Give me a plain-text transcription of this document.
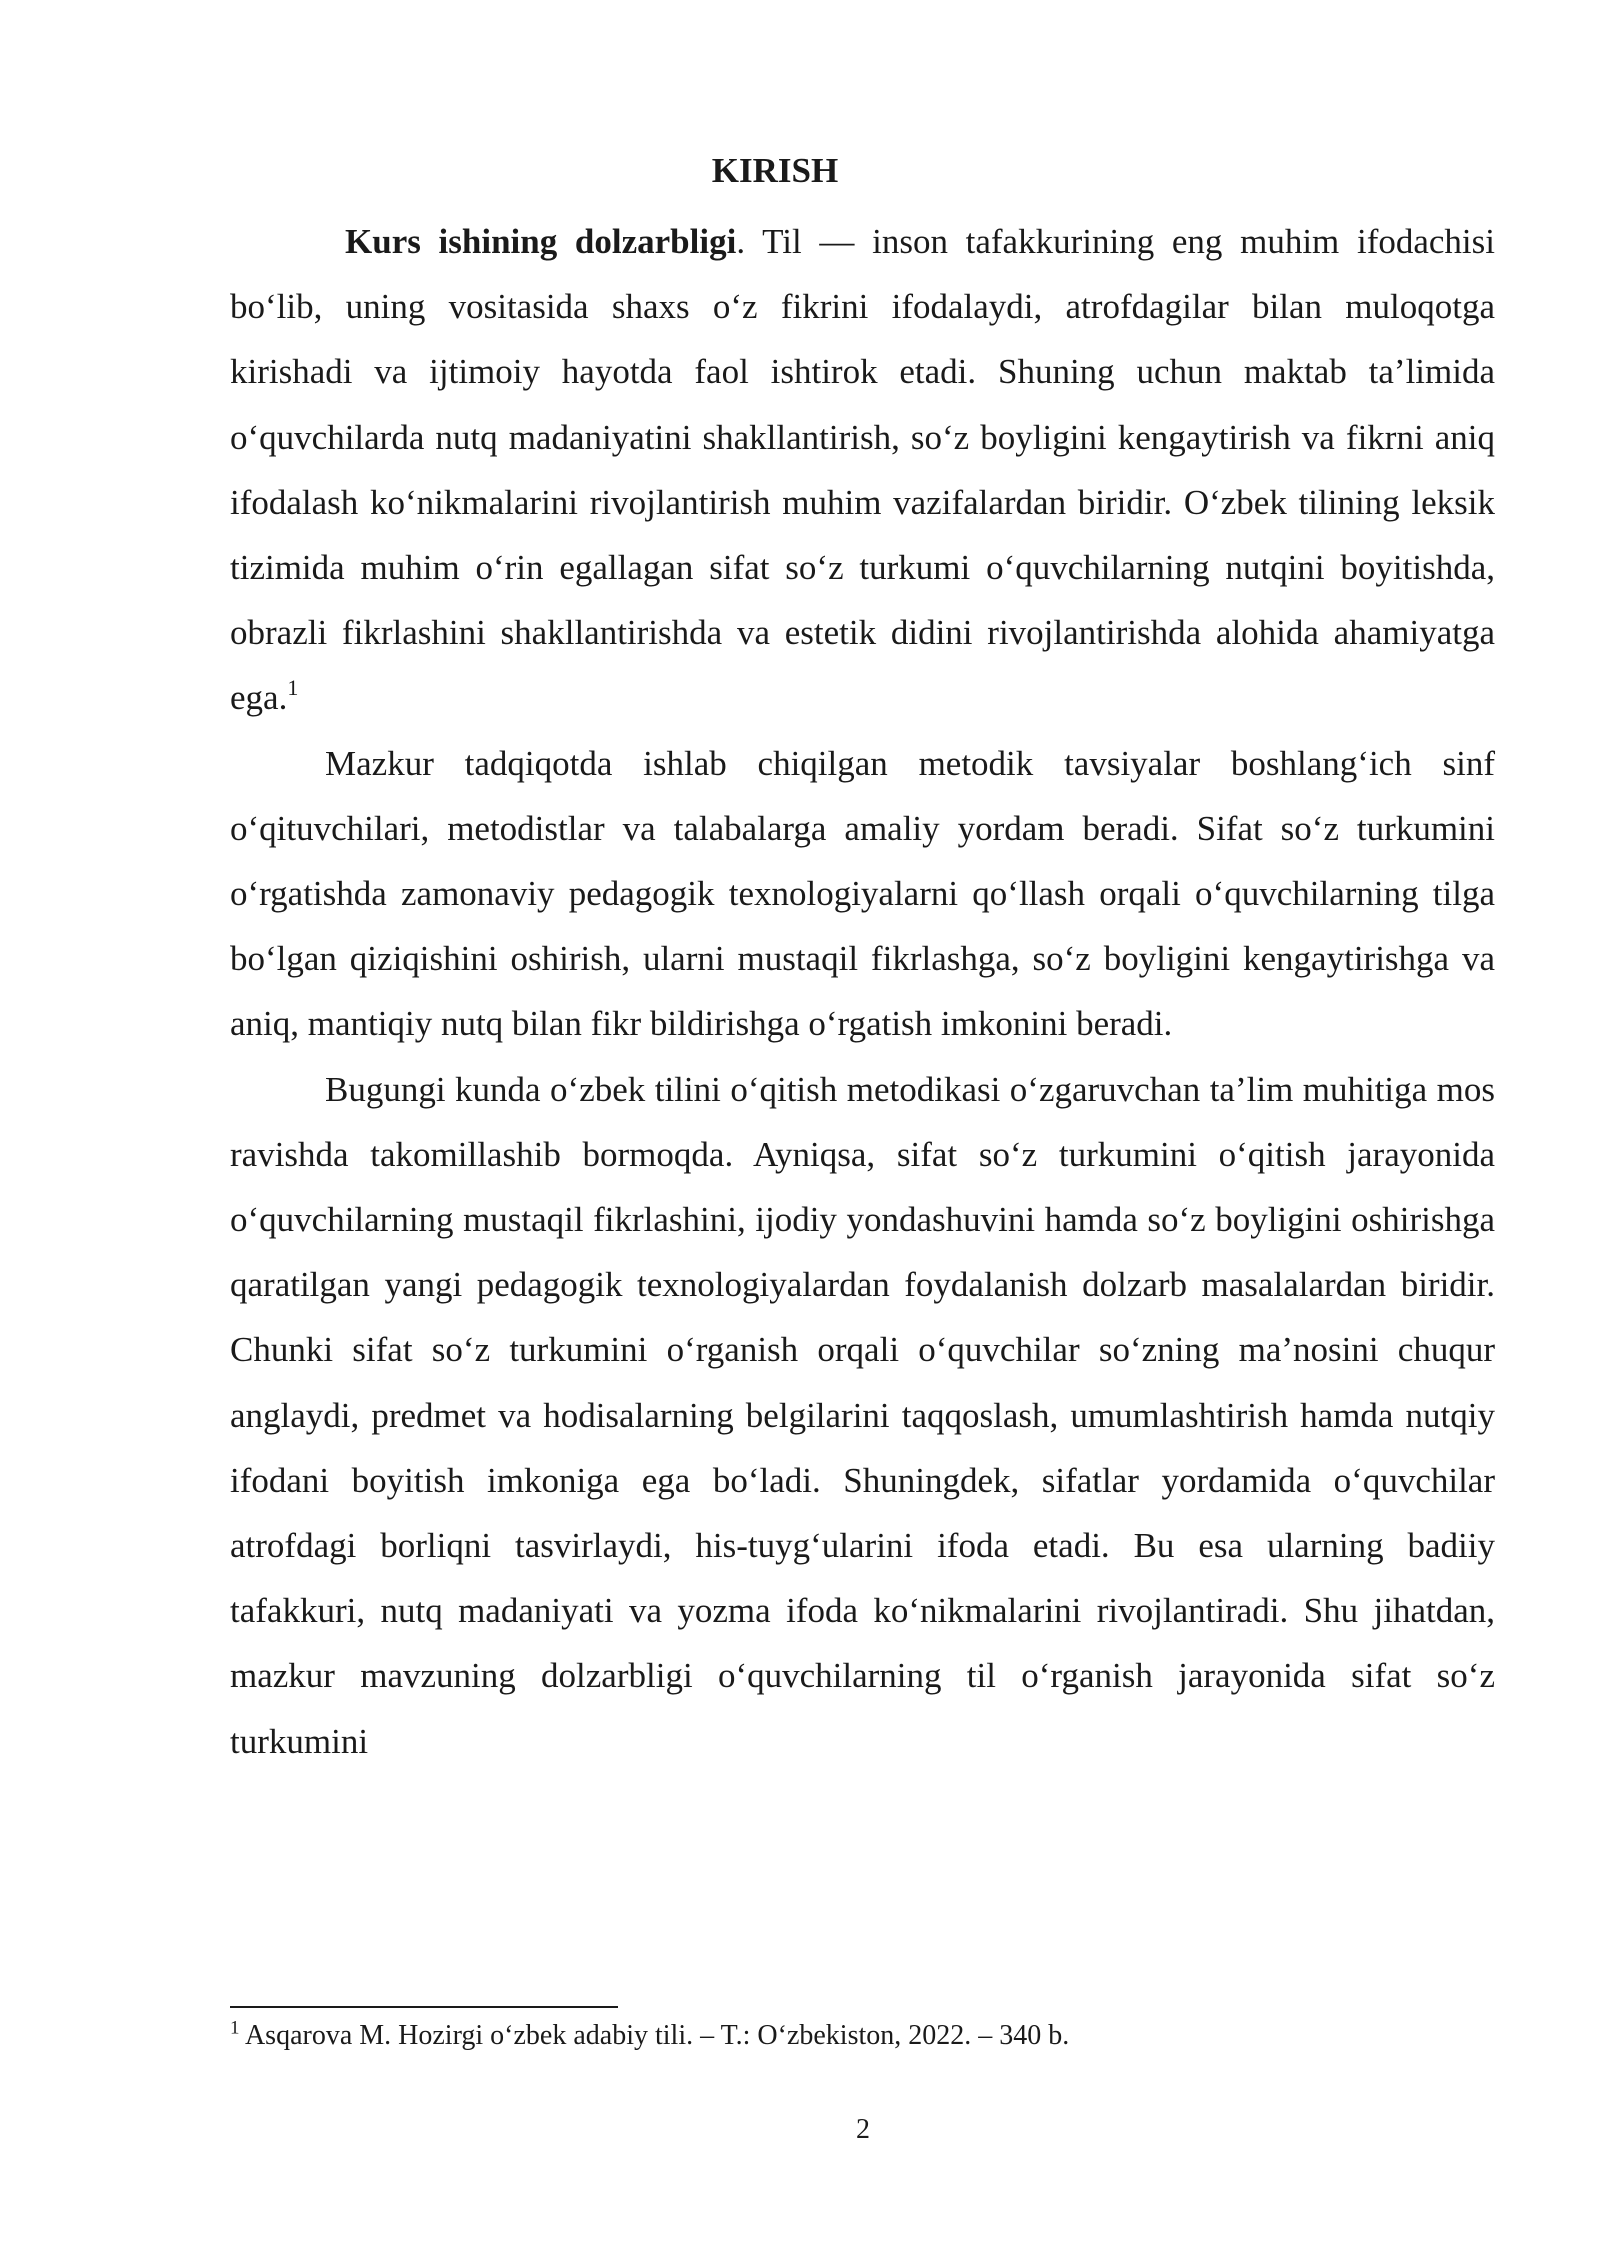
KIRISH

Kurs ishining dolzarbligi. Til — inson tafakkurining eng muhim ifodachisi bo‘lib, uning vositasida shaxs o‘z fikrini ifodalaydi, atrofdagilar bilan muloqotga kirishadi va ijtimoiy hayotda faol ishtirok etadi. Shuning uchun maktab ta’limida o‘quvchilarda nutq madaniyatini shakllantirish, so‘z boyligini kengaytirish va fikrni aniq ifodalash ko‘nikmalarini rivojlantirish muhim vazifalardan biridir. O‘zbek tilining leksik tizimida muhim o‘rin egallagan sifat so‘z turkumi o‘quvchilarning nutqini boyitishda, obrazli fikrlashini shakllantirishda va estetik didini rivojlantirishda alohida ahamiyatga ega.$^1$

Mazkur tadqiqotda ishlab chiqilgan metodik tavsiyalar boshlang‘ich sinf o‘qituvchilari, metodistlar va talabalarga amaliy yordam beradi. Sifat so‘z turkumini o‘rgatishda zamonaviy pedagogik texnologiyalarni qo‘llash orqali o‘quvchilarning tilga bo‘lgan qiziqishini oshirish, ularni mustaqil fikrlashga, so‘z boyligini kengaytirishga va aniq, mantiqiy nutq bilan fikr bildirishga o‘rgatish imkonini beradi.

Bugungi kunda o‘zbek tilini o‘qitish metodikasi o‘zgaruvchan ta’lim muhitiga mos ravishda takomillashib bormoqda. Ayniqsa, sifat so‘z turkumini o‘qitish jarayonida o‘quvchilarning mustaqil fikrlashini, ijodiy yondashuvini hamda so‘z boyligini oshirishga qaratilgan yangi pedagogik texnologiyalardan foydalanish dolzarb masalalardan biridir. Chunki sifat so‘z turkumini o‘rganish orqali o‘quvchilar so‘zning ma’nosini chuqur anglaydi, predmet va hodisalarning belgilarini taqqoslash, umumlashtirish hamda nutqiy ifodani boyitish imkoniga ega bo‘ladi. Shuningdek, sifatlar yordamida o‘quvchilar atrofdagi borliqni tasvirlaydi, his-tuyg‘ularini ifoda etadi. Bu esa ularning badiiy tafakkuri, nutq madaniyati va yozma ifoda ko‘nikmalarini rivojlantiradi. Shu jihatdan, mazkur mavzuning dolzarbligi o‘quvchilarning til o‘rganish jarayonida sifat so‘z turkumini

$^1$ Asqarova M. Hozirgi o‘zbek adabiy tili. – T.: O‘zbekiston, 2022. – 340 b.

2
